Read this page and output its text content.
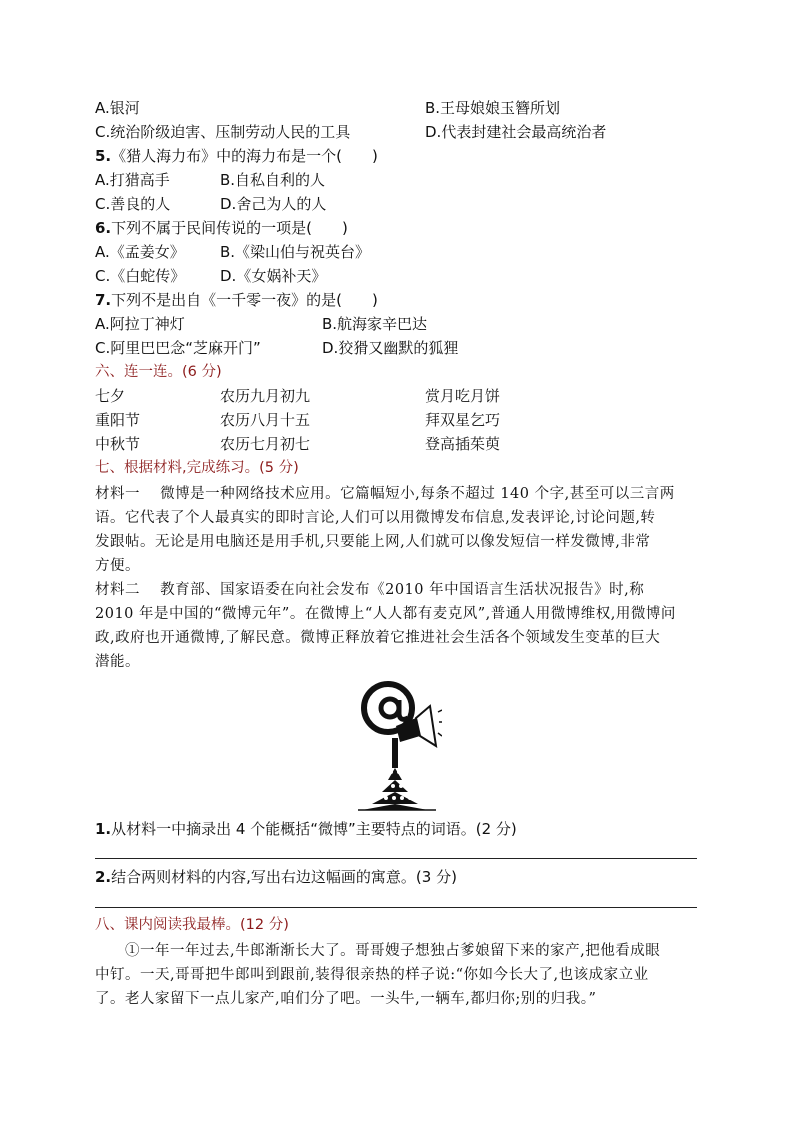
A.银河	B.王母娘娘玉簪所划
C.统治阶级迫害、压制劳动人民的工具	D.代表封建社会最高统治者
5.《猎人海力布》中的海力布是一个(　　)
A.打猎高手	B.自私自利的人
C.善良的人	D.舍己为人的人
6.下列不属于民间传说的一项是(　　)
A.《孟姜女》 B.《梁山伯与祝英台》
C.《白蛇传》 D.《女娲补天》
7.下列不是出自《一千零一夜》的是(　　)
A.阿拉丁神灯	B.航海家辛巴达
C.阿里巴巴念“芝麻开门”	D.狡猾又幽默的狐狸
六、连一连。(6 分)
七夕	农历九月初九	赏月吃月饼
重阳节	农历八月十五	拜双星乞巧
中秋节	农历七月初七	登高插茱萸
七、根据材料,完成练习。(5 分)
材料一　 微博是一种网络技术应用。它篇幅短小,每条不超过 140 个字,甚至可以三言两
语。它代表了个人最真实的即时言论,人们可以用微博发布信息,发表评论,讨论问题,转
发跟帖。无论是用电脑还是用手机,只要能上网,人们就可以像发短信一样发微博,非常
方便。
材料二　 教育部、国家语委在向社会发布《2010 年中国语言生活状况报告》时,称
2010 年是中国的“微博元年”。在微博上“人人都有麦克风”,普通人用微博维权,用微博问
政,政府也开通微博,了解民意。微博正释放着它推进社会生活各个领域发生变革的巨大
潜能。
1.从材料一中摘录出 4 个能概括“微博”主要特点的词语。(2 分)
2.结合两则材料的内容,写出右边这幅画的寓意。(3 分)
八、课内阅读我最棒。(12 分)
①一年一年过去,牛郎渐渐长大了。哥哥嫂子想独占爹娘留下来的家产,把他看成眼
中钉。一天,哥哥把牛郎叫到跟前,装得很亲热的样子说:“你如今长大了,也该成家立业
了。老人家留下一点儿家产,咱们分了吧。一头牛,一辆车,都归你;别的归我。”
